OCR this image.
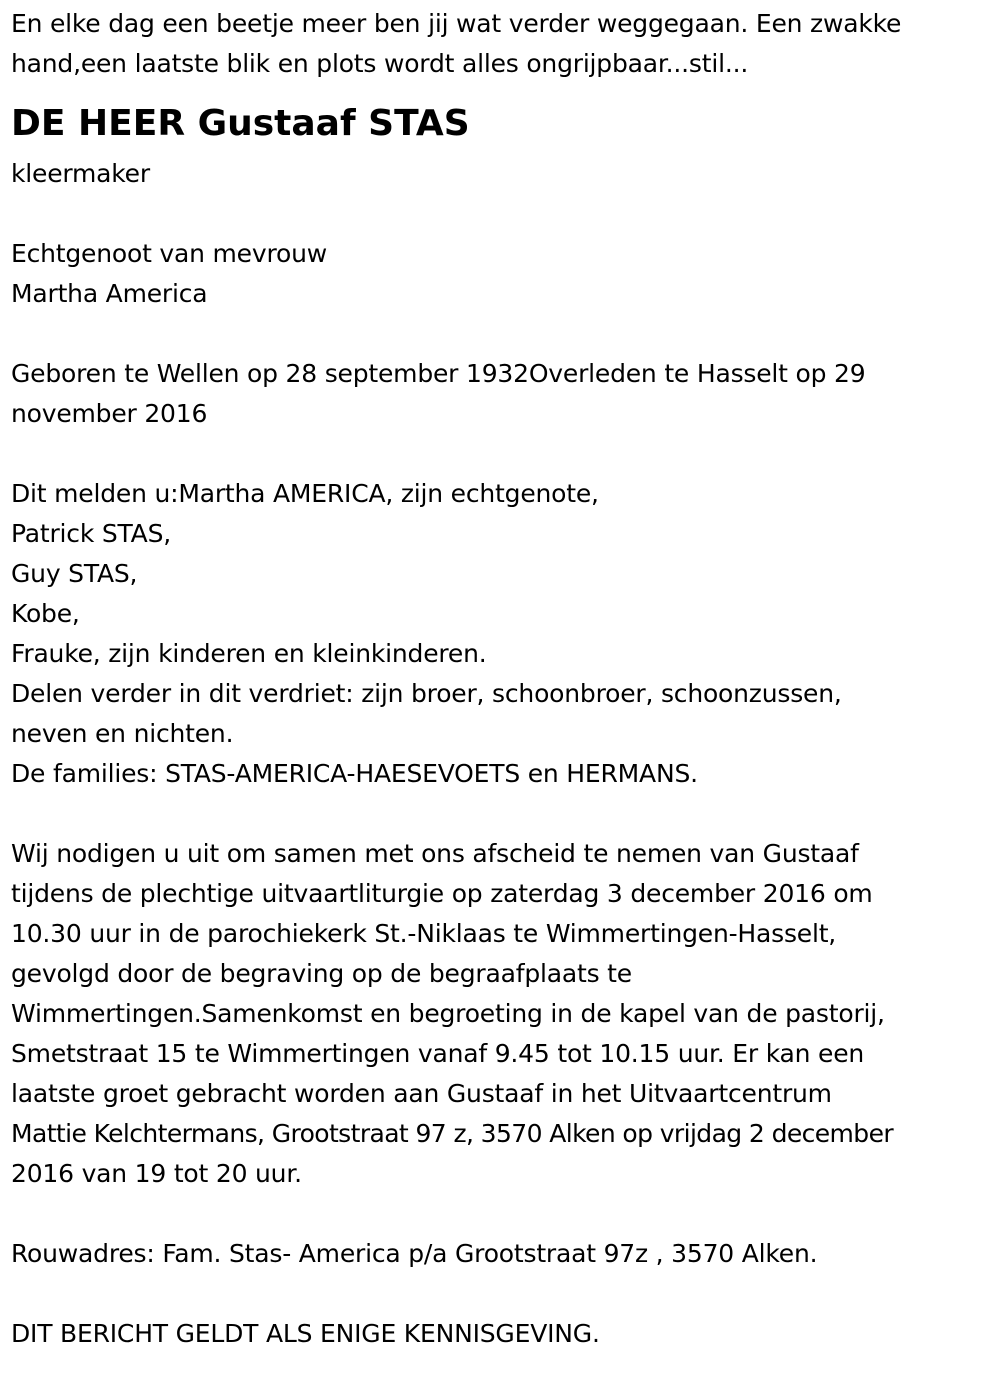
En elke dag een beetje meer ben jij wat verder weggegaan. Een zwakke
hand,een laatste blik en plots wordt alles ongrijpbaar...stil...
DE HEER Gustaaf STAS
kleermaker
Echtgenoot van mevrouw
Martha America
Geboren te Wellen op 28 september 1932Overleden te Hasselt op 29
november 2016
Dit melden u:Martha AMERICA, zijn echtgenote,
Patrick STAS,
Guy STAS,
Kobe,
Frauke, zijn kinderen en kleinkinderen.
Delen verder in dit verdriet: zijn broer, schoonbroer, schoonzussen,
neven en nichten.
De families: STAS-AMERICA-HAESEVOETS en HERMANS.
Wij nodigen u uit om samen met ons afscheid te nemen van Gustaaf
tijdens de plechtige uitvaartliturgie op zaterdag 3 december 2016 om
10.30 uur in de parochiekerk St.-Niklaas te Wimmertingen-Hasselt,
gevolgd door de begraving op de begraafplaats te
Wimmertingen.Samenkomst en begroeting in de kapel van de pastorij,
Smetstraat 15 te Wimmertingen vanaf 9.45 tot 10.15 uur. Er kan een
laatste groet gebracht worden aan Gustaaf in het Uitvaartcentrum
Mattie Kelchtermans, Grootstraat 97 z, 3570 Alken op vrijdag 2 december
2016 van 19 tot 20 uur.
Rouwadres: Fam. Stas- America p/a Grootstraat 97z , 3570 Alken.
DIT BERICHT GELDT ALS ENIGE KENNISGEVING.
